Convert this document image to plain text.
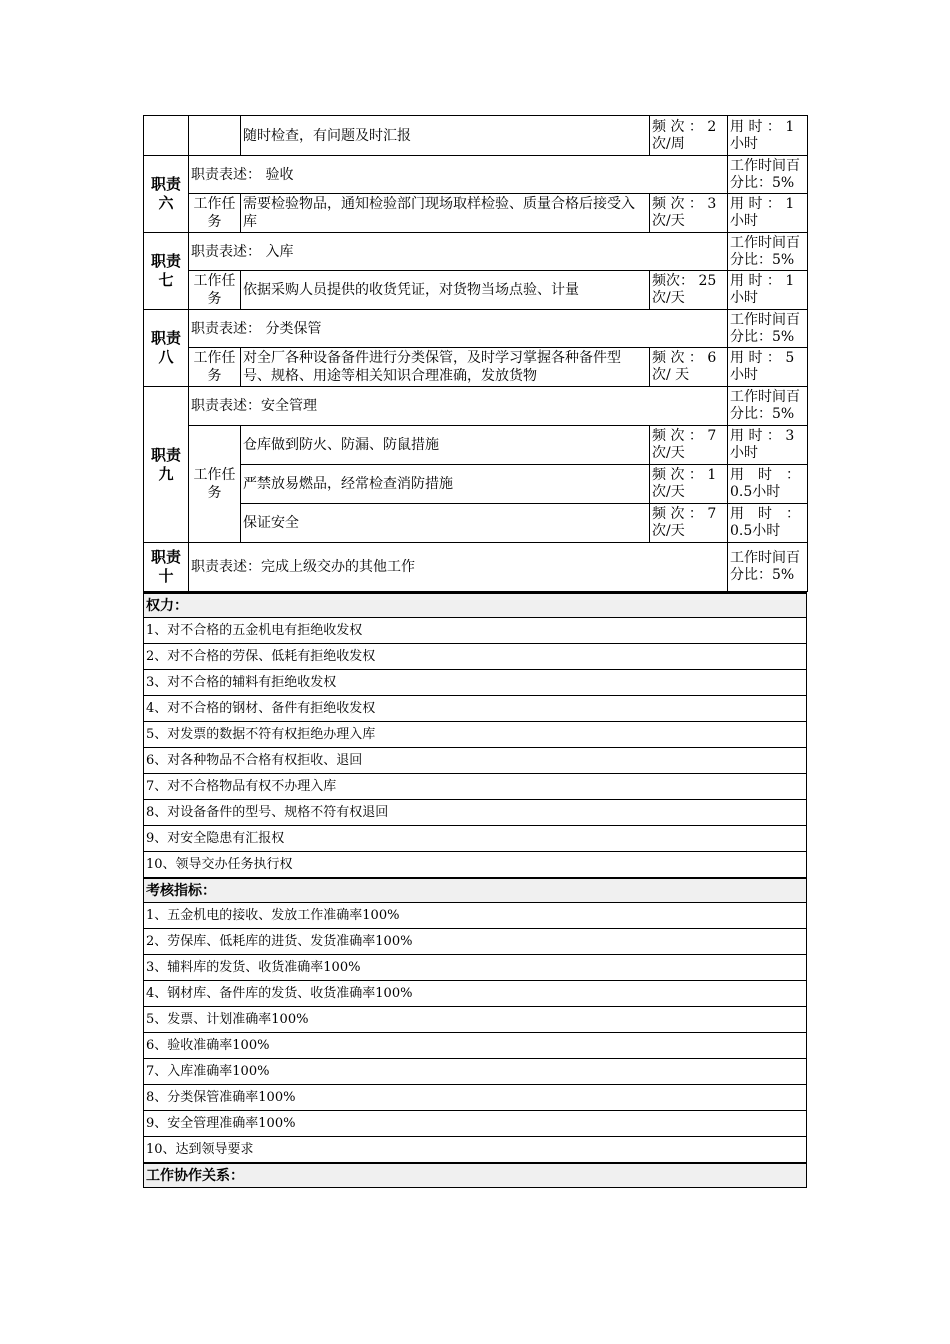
		随时检查，有问题及时汇报	频 次 ： 2次/周	用 时 ： 1小时
职责六	职责表述： 验收			工作时间百分比：5%
	工作任务	需要检验物品，通知检验部门现场取样检验、质量合格后接受入库	频 次 ： 3次/天	用 时 ： 1小时
职责七	职责表述： 入库			工作时间百分比：5%
	工作任务	依据采购人员提供的收货凭证，对货物当场点验、计量	频次： 25次/天	用 时 ： 1小时
职责八	职责表述： 分类保管			工作时间百分比：5%
	工作任务	对全厂各种设备备件进行分类保管，及时学习掌握各种备件型号、规格、用途等相关知识合理准确，发放货物	频 次 ： 6次/ 天	用 时 ： 5小时
职责九	职责表述：安全管理			工作时间百分比：5%
	工作任务	仓库做到防火、防漏、防鼠措施	频 次 ： 7次/天	用 时 ： 3小时
		严禁放易燃品，经常检查消防措施	频 次 ： 1次/天	用　时　：0.5小时
		保证安全	频 次 ： 7次/天	用　时　：0.5小时
职责十	职责表述：完成上级交办的其他工作			工作时间百分比：5%
权力：
1、对不合格的五金机电有拒绝收发权
2、对不合格的劳保、低耗有拒绝收发权
3、对不合格的辅料有拒绝收发权
4、对不合格的钢材、备件有拒绝收发权
5、对发票的数据不符有权拒绝办理入库
6、对各种物品不合格有权拒收、退回
7、对不合格物品有权不办理入库
8、对设备备件的型号、规格不符有权退回
9、对安全隐患有汇报权
10、领导交办任务执行权
考核指标：
1、五金机电的接收、发放工作准确率100%
2、劳保库、低耗库的进货、发货准确率100%
3、辅料库的发货、收货准确率100%
4、钢材库、备件库的发货、收货准确率100%
5、发票、计划准确率100%
6、验收准确率100%
7、入库准确率100%
8、分类保管准确率100%
9、安全管理准确率100%
10、达到领导要求
工作协作关系：
